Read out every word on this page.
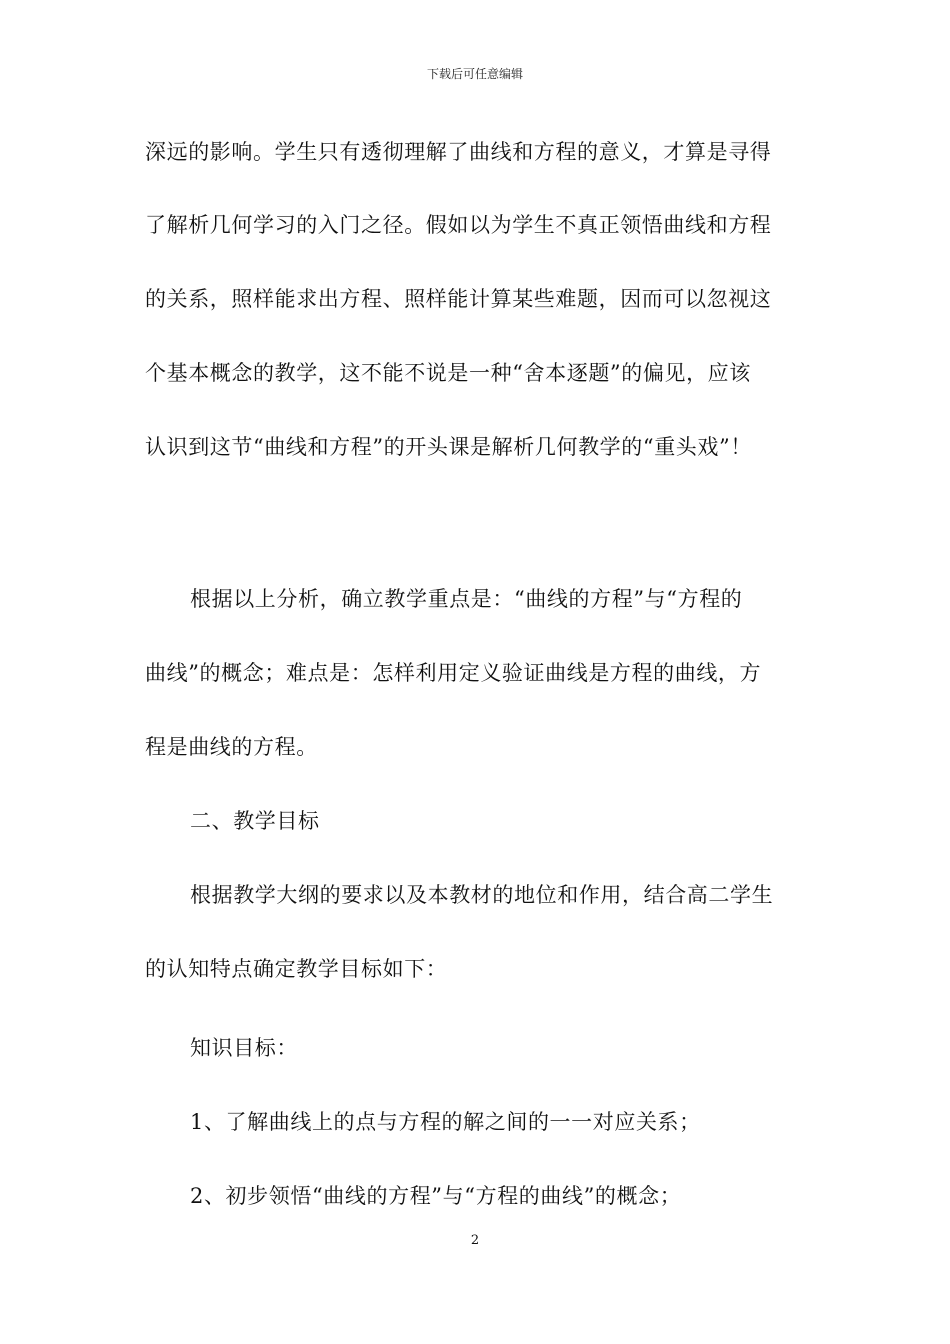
下载后可任意编辑
深远的影响。学生只有透彻理解了曲线和方程的意义，才算是寻得
了解析几何学习的入门之径。假如以为学生不真正领悟曲线和方程
的关系，照样能求出方程、照样能计算某些难题，因而可以忽视这
个基本概念的教学，这不能不说是一种“舍本逐题”的偏见，应该
认识到这节“曲线和方程”的开头课是解析几何教学的“重头戏”！
根据以上分析，确立教学重点是：“曲线的方程”与“方程的
曲线”的概念；难点是：怎样利用定义验证曲线是方程的曲线，方
程是曲线的方程。
二、教学目标
根据教学大纲的要求以及本教材的地位和作用，结合高二学生
的认知特点确定教学目标如下：
知识目标：
1、了解曲线上的点与方程的解之间的一一对应关系；
2、初步领悟“曲线的方程”与“方程的曲线”的概念；
2
